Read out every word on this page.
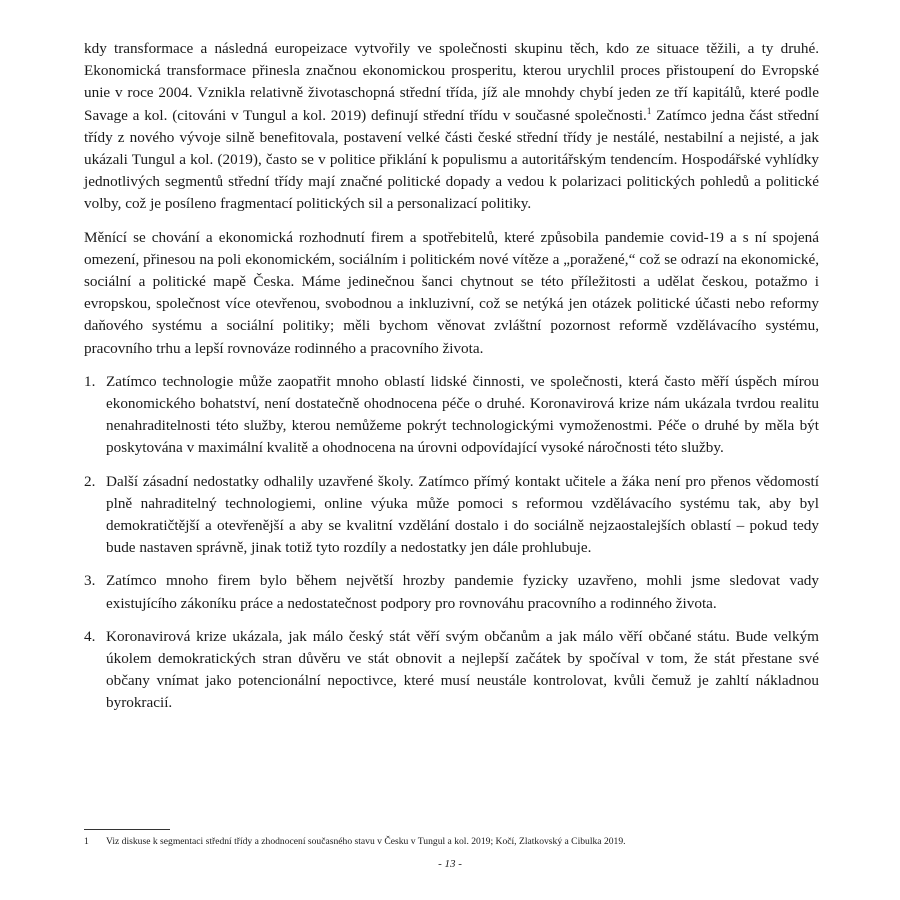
kdy transformace a následná europeizace vytvořily ve společnosti skupinu těch, kdo ze situace těžili, a ty druhé. Ekonomická transformace přinesla značnou ekonomickou prosperitu, kterou urychlil proces přistoupení do Evropské unie v roce 2004. Vznikla relativně životaschopná střední třída, jíž ale mnohdy chybí jeden ze tří kapitálů, které podle Savage a kol. (citováni v Tungul a kol. 2019) definují střední třídu v současné společnosti.$^1$ Zatímco jedna část střední třídy z nového vývoje silně benefitovala, postavení velké části české střední třídy je nestálé, nestabilní a nejisté, a jak ukázali Tungul a kol. (2019), často se v politice přiklání k populismu a autoritářským tendencím. Hospodářské vyhlídky jednotlivých segmentů střední třídy mají značné politické dopady a vedou k polarizaci politických pohledů a politické volby, což je posíleno fragmentací politických sil a personalizací politiky.

Měnící se chování a ekonomická rozhodnutí firem a spotřebitelů, které způsobila pandemie covid-19 a s ní spojená omezení, přinesou na poli ekonomickém, sociálním i politickém nové vítěze a „poražené,“ což se odrazí na ekonomické, sociální a politické mapě Česka. Máme jedinečnou šanci chytnout se této příležitosti a udělat českou, potažmo i evropskou, společnost více otevřenou, svobodnou a inkluzivní, což se netýká jen otázek politické účasti nebo reformy daňového systému a sociální politiky; měli bychom věnovat zvláštní pozornost reformě vzdělávacího systému, pracovního trhu a lepší rovnováze rodinného a pracovního života.

1. Zatímco technologie může zaopatřit mnoho oblastí lidské činnosti, ve společnosti, která často měří úspěch mírou ekonomického bohatství, není dostatečně ohodnocena péče o druhé. Koronavirová krize nám ukázala tvrdou realitu nenahraditelnosti této služby, kterou nemůžeme pokrýt technologickými vymoženostmi. Péče o druhé by měla být poskytována v maximální kvalitě a ohodnocena na úrovni odpovídající vysoké náročnosti této služby.
2. Další zásadní nedostatky odhalily uzavřené školy. Zatímco přímý kontakt učitele a žáka není pro přenos vědomostí plně nahraditelný technologiemi, online výuka může pomoci s reformou vzdělávacího systému tak, aby byl demokratičtější a otevřenější a aby se kvalitní vzdělání dostalo i do sociálně nejzaostalejších oblastí – pokud tedy bude nastaven správně, jinak totiž tyto rozdíly a nedostatky jen dále prohlubuje.
3. Zatímco mnoho firem bylo během největší hrozby pandemie fyzicky uzavřeno, mohli jsme sledovat vady existujícího zákoníku práce a nedostatečnost podpory pro rovnováhu pracovního a rodinného života.
4. Koronavirová krize ukázala, jak málo český stát věří svým občanům a jak málo věří občané státu. Bude velkým úkolem demokratických stran důvěru ve stát obnovit a nejlepší začátek by spočíval v tom, že stát přestane své občany vnímat jako potencionální nepoctivce, které musí neustále kontrolovat, kvůli čemuž je zahltí nákladnou byrokracií.
1 Viz diskuse k segmentaci střední třídy a zhodnocení současného stavu v Česku v Tungul a kol. 2019; Kočí, Zlatkovský a Cibulka 2019.
- 13 -
